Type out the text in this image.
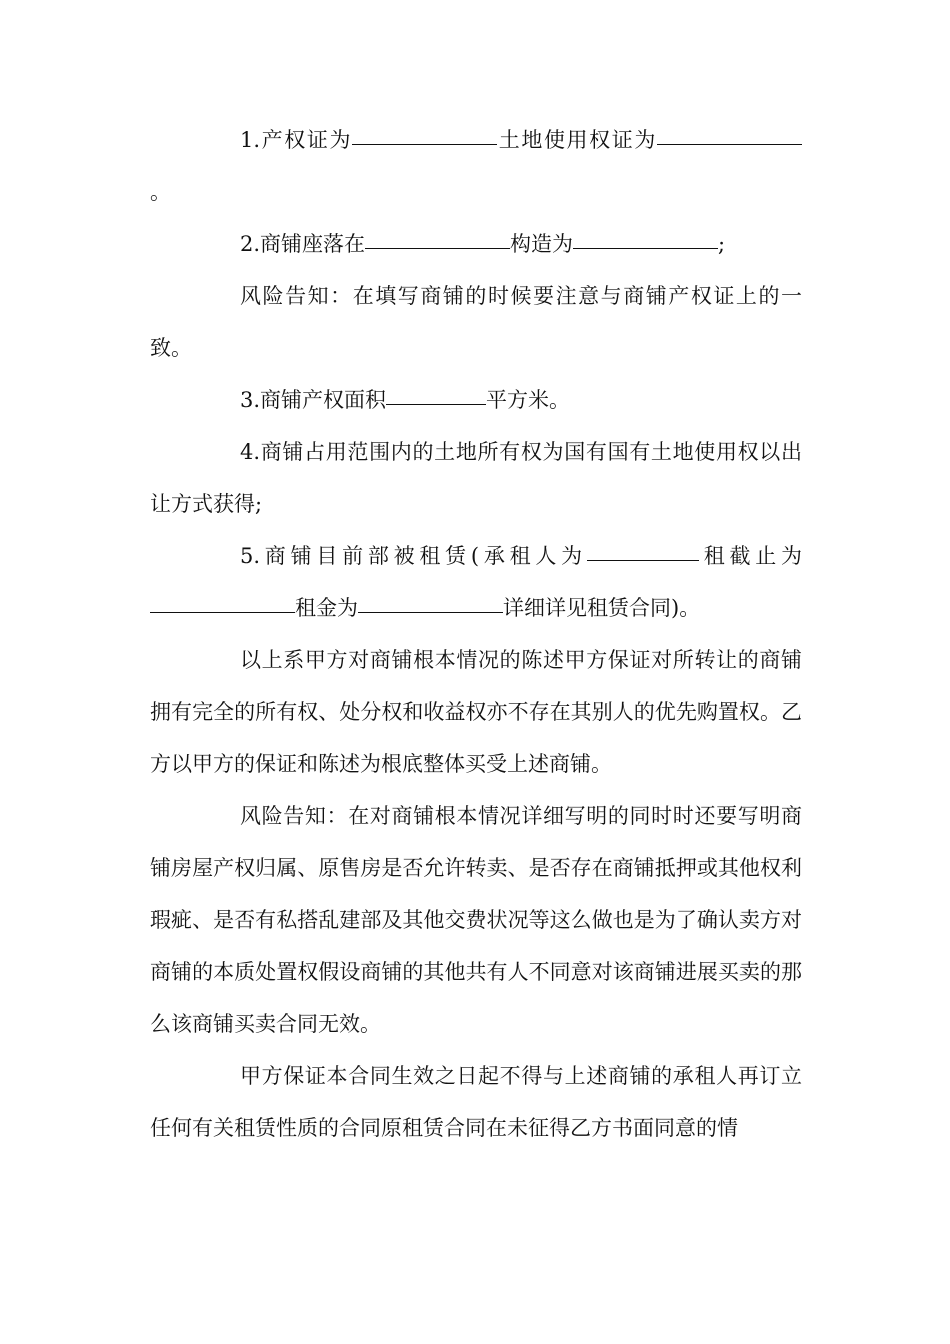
1.产权证为	土地使用权证为。

2.商铺座落在	构造为	;

风险告知：在填写商铺的时候要注意与商铺产权证上的一致。

3.商铺产权面积	平方米。

4.商铺占用范围内的土地所有权为国有国有土地使用权以出让方式获得;

5.商铺目前部被租赁(承租人为	租截止为租金为	详细详见租赁合同)。

以上系甲方对商铺根本情况的陈述甲方保证对所转让的商铺拥有完全的所有权、处分权和收益权亦不存在其别人的优先购置权。乙方以甲方的保证和陈述为根底整体买受上述商铺。

风险告知：在对商铺根本情况详细写明的同时时还要写明商铺房屋产权归属、原售房是否允许转卖、是否存在商铺抵押或其他权利瑕疵、是否有私搭乱建部及其他交费状况等这么做也是为了确认卖方对商铺的本质处置权假设商铺的其他共有人不同意对该商铺进展买卖的那么该商铺买卖合同无效。

甲方保证本合同生效之日起不得与上述商铺的承租人再订立任何有关租赁性质的合同原租赁合同在未征得乙方书面同意的情
